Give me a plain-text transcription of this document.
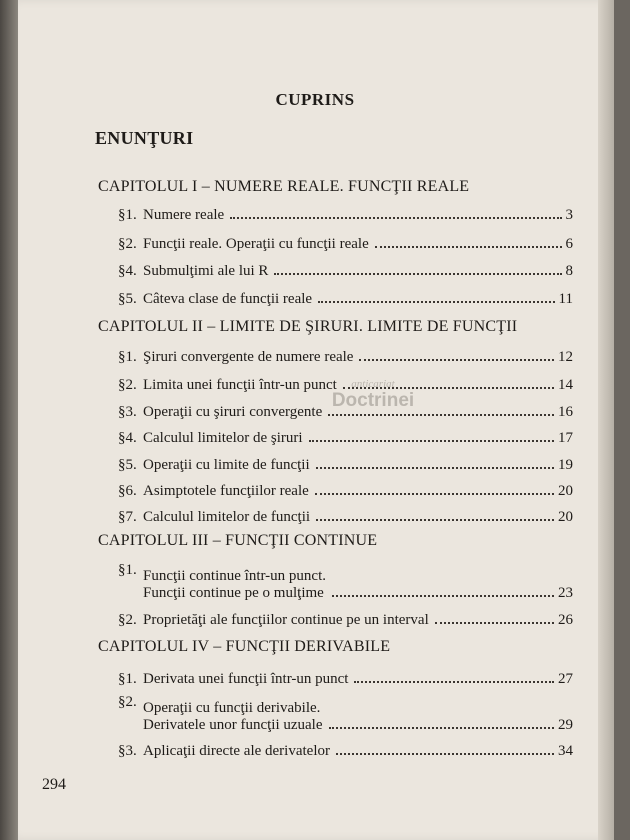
CUPRINS
ENUNŢURI
CAPITOLUL I – NUMERE REALE. FUNCŢII REALE
§1. Numere reale	3
§2. Funcţii reale. Operaţii cu funcţii reale	6
§4. Submulţimi ale lui R	8
§5. Câteva clase de funcţii reale	11
CAPITOLUL II – LIMITE DE ŞIRURI. LIMITE DE FUNCŢII
§1. Şiruri convergente de numere reale	12
§2. Limita unei funcţii într-un punct	14
§3. Operaţii cu şiruri convergente	16
§4. Calculul limitelor de şiruri	17
§5. Operaţii cu limite de funcţii	19
§6. Asimptotele funcţiilor reale	20
§7. Calculul limitelor de funcţii	20
CAPITOLUL III – FUNCŢII CONTINUE
§1. Funcţii continue într-un punct.
Funcţii continue pe o mulţime	23
§2. Proprietăţi ale funcţiilor continue pe un interval	26
CAPITOLUL IV – FUNCŢII DERIVABILE
§1. Derivata unei funcţii într-un punct	27
§2. Operaţii cu funcţii derivabile.
Derivatele unor funcţii uzuale	29
§3. Aplicaţii directe ale derivatelor	34
294
anticariat
Doctrinei
